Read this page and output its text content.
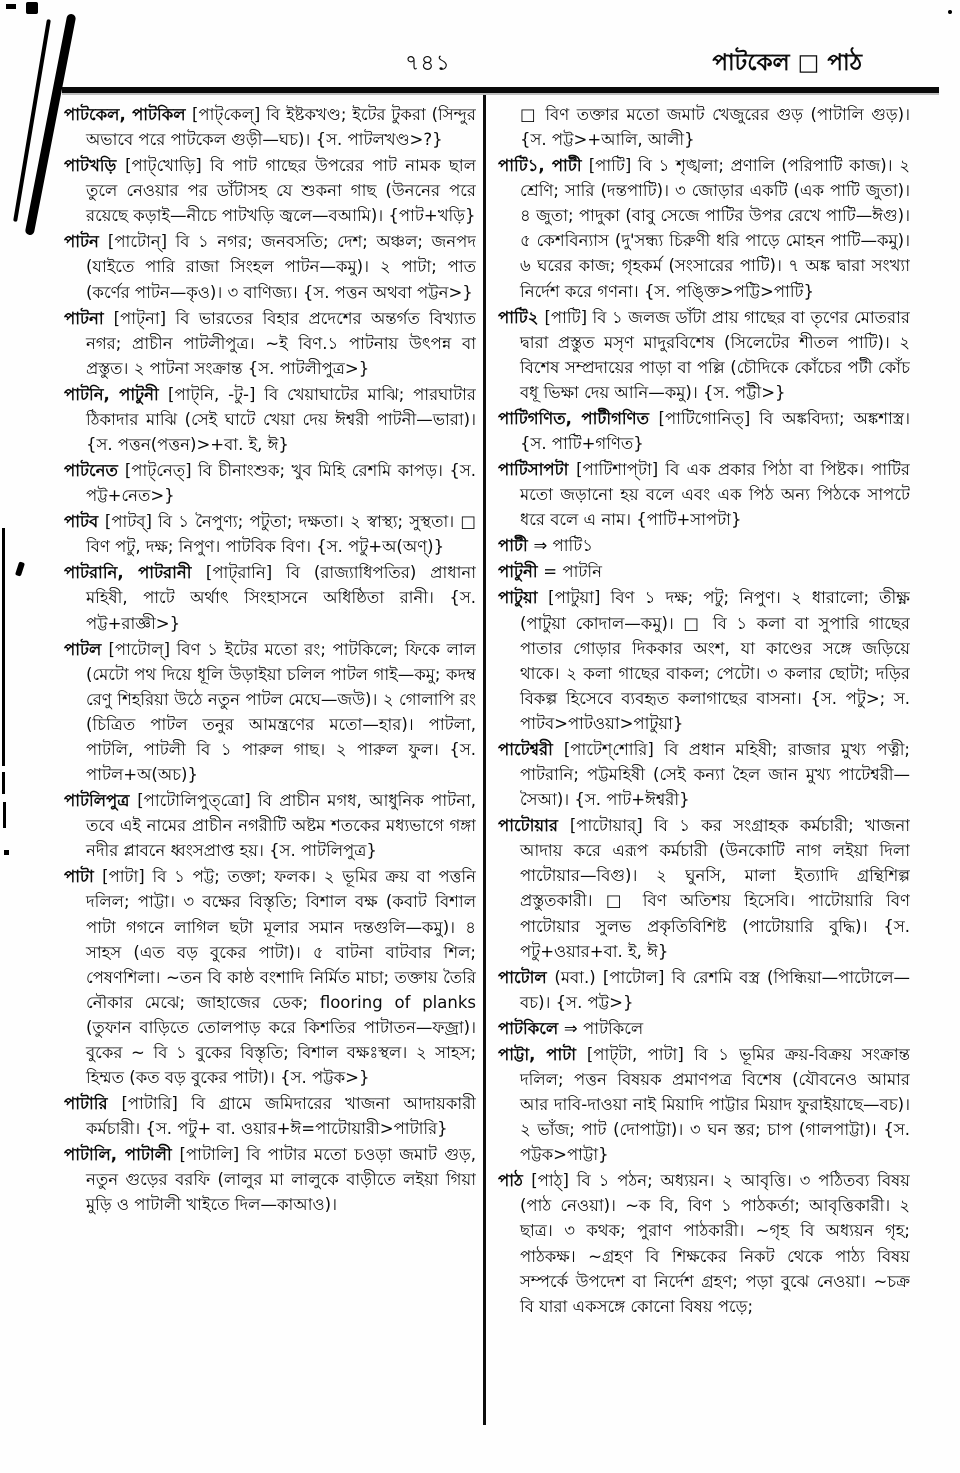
৭৪১	পাটকেল □ পাঠ

পাটকেল, পাটকিল [পাট্‌কেল্] বি ইষ্টকখণ্ড; ইটের টুকরা (সিন্দুর অভাবে পরে পাটকেল গুড়ী—ঘচ)। {স. পাটলখণ্ড>?}

পাটখড়ি [পাট্‌খোড়ি] বি পাট গাছের উপরের পাট নামক ছাল তুলে নেওয়ার পর ডাঁটাসহ যে শুকনা গাছ (উননের পরে রয়েছে কড়াই—নীচে পাটখড়ি জ্বলে—বআমি)। {পাট+খড়ি}

পাটন [পাটোন্] বি ১ নগর; জনবসতি; দেশ; অঞ্চল; জনপদ (যাইতে পারি রাজা সিংহল পাটন—কমু)। ২ পাটা; পাত (কর্ণের পাটন—কৃও)। ৩ বাণিজ্য। {স. পত্তন অথবা পট্টন>}

পাটনা [পাট্‌না] বি ভারতের বিহার প্রদেশের অন্তর্গত বিখ্যাত নগর; প্রাচীন পাটলীপুত্র। ~ই বিণ.১ পাটনায় উৎপন্ন বা প্রস্তুত। ২ পাটনা সংক্রান্ত {স. পাটলীপুত্র>}

পাটনি, পাটুনী [পাট্‌নি, -টু-] বি খেয়াঘাটের মাঝি; পারঘাটার ঠিকাদার মাঝি (সেই ঘাটে খেয়া দেয় ঈশ্বরী পাটনী—ভারা)। {স. পত্তন(পত্তন)>+বা. ই, ঈ}

পাটনেত [পাট্‌নেত্] বি চীনাংশুক; খুব মিহি রেশমি কাপড়। {স. পট্ট+নেত>}

পাটব [পাটব্] বি ১ নৈপুণ্য; পটুতা; দক্ষতা। ২ স্বাস্থ্য; সুস্থতা। □ বিণ পটু, দক্ষ; নিপুণ। পাটবিক বিণ। {স. পটু+অ(অণ্)}

পাটরানি, পাটরানী [পাট্‌রানি] বি (রাজ্যাধিপতির) প্রাধানা মহিষী, পাটে অর্থাৎ সিংহাসনে অধিষ্ঠিতা রানী। {স. পট্ট+রাজ্ঞী>}

পাটল [পাটোল্] বিণ ১ ইটের মতো রং; পাটকিলে; ফিকে লাল (মেটো পথ দিয়ে ধূলি উড়াইয়া চলিল পাটল গাই—কমু; কদম্ব রেণু শিহরিয়া উঠে নতুন পাটল মেঘে—জউ)। ২ গোলাপি রং (চিত্রিত পাটল তনুর আমন্ত্রণের মতো—হার)। পাটলা, পাটলি, পাটলী বি ১ পারুল গাছ। ২ পারুল ফুল। {স. পাটল+অ(অচ)}

পাটলিপুত্র [পাটোলিপুত্‌ত্রো] বি প্রাচীন মগধ, আধুনিক পাটনা, তবে এই নামের প্রাচীন নগরীটি অষ্টম শতকের মধ্যভাগে গঙ্গা নদীর প্লাবনে ধ্বংসপ্রাপ্ত হয়। {স. পাটলিপুত্র}

পাটা [পাটা] বি ১ পট্ট; তক্তা; ফলক। ২ ভূমির ক্রয় বা পত্তনি দলিল; পাট্টা। ৩ বক্ষের বিস্তৃতি; বিশাল বক্ষ (কবাট বিশাল পাটা গগনে লাগিল ছটা মূলার সমান দন্তগুলি—কমু)। ৪ সাহস (এত বড় বুকের পাটা)। ৫ বাটনা বাটবার শিল; পেষণশিলা। ~তন বি কাষ্ঠ বংশাদি নির্মিত মাচা; তক্তায় তৈরি নৌকার মেঝে; জাহাজের ডেক; flooring of planks (তুফান বাড়িতে তোলপাড় করে কিশতির পাটাতন—ফজ্রা)। বুকের ~ বি ১ বুকের বিস্তৃতি; বিশাল বক্ষঃস্থল। ২ সাহস; হিম্মত (কত বড় বুকের পাটা)। {স. পট্টক>}

পাটারি [পাটারি] বি গ্রামে জমিদারের খাজনা আদায়কারী কর্মচারী। {স. পটু+ বা. ওয়ার+ঈ=পাটোয়ারী>পাটারি}

পাটালি, পাটালী [পাটালি] বি পাটার মতো চওড়া জমাট গুড়, নতুন গুড়ের বরফি (লালুর মা লালুকে বাড়ীতে লইয়া গিয়া মুড়ি ও পাটালী খাইতে দিল—কাআও)।

□ বিণ তক্তার মতো জমাট খেজুরের গুড় (পাটালি গুড়)। {স. পট্ট>+আলি, আলী}

পাটি১, পাটী [পাটি] বি ১ শৃঙ্খলা; প্রণালি (পরিপাটি কাজ)। ২ শ্রেণি; সারি (দন্তপাটি)। ৩ জোড়ার একটি (এক পাটি জুতা)। ৪ জুতা; পাদুকা (বাবু সেজে পাটির উপর রেখে পাটি—ঈগু)। ৫ কেশবিন্যাস (দু'সন্ধ্য চিরুণী ধরি পাড়ে মোহন পাটি—কমু)। ৬ ঘরের কাজ; গৃহকর্ম (সংসারের পাটি)। ৭ অঙ্ক দ্বারা সংখ্যা নির্দেশ করে গণনা। {স. পঙ্ক্তি>পট্টি>পাটি}

পাটি২ [পাটি] বি ১ জলজ ডাঁটা প্রায় গাছের বা তৃণের মোতরার দ্বারা প্রস্তুত মসৃণ মাদুরবিশেষ (সিলেটের শীতল পাটি)। ২ বিশেষ সম্প্রদায়ের পাড়া বা পল্লি (চৌদিকে কোঁচের পটী কোঁচ বধূ ভিক্ষা দেয় আনি—কমু)। {স. পট্টী>}

পাটিগণিত, পাটীগণিত [পাটিগোনিত্] বি অঙ্কবিদ্যা; অঙ্কশাস্ত্র। {স. পাটি+গণিত}

পাটিসাপটা [পাটিশাপ্‌টা] বি এক প্রকার পিঠা বা পিষ্টক। পাটির মতো জড়ানো হয় বলে এবং এক পিঠ অন্য পিঠকে সাপটে ধরে বলে এ নাম। {পাটি+সাপটা}

পাটী ⇒ পাটি১

পাটুনী = পাটনি

পাটুয়া [পাটুয়া] বিণ ১ দক্ষ; পটু; নিপুণ। ২ ধারালো; তীক্ষ্ণ (পাটুয়া কোদাল—কমু)। □ বি ১ কলা বা সুপারি গাছের পাতার গোড়ার দিককার অংশ, যা কাণ্ডের সঙ্গে জড়িয়ে থাকে। ২ কলা গাছের বাকল; পেটো। ৩ কলার ছোটা; দড়ির বিকল্প হিসেবে ব্যবহৃত কলাগাছের বাসনা। {স. পটু>; স. পাটব>পাটওয়া>পাটুয়া}

পাটেশ্বরী [পাটেশ্‌শোরি] বি প্রধান মহিষী; রাজার মুখ্য পত্নী; পাটরানি; পট্টমহিষী (সেই কন্যা হৈল জান মুখ্য পাটেশ্বরী—সৈআ)। {স. পাট+ঈশ্বরী}

পাটোয়ার [পাটোয়ার্] বি ১ কর সংগ্রাহক কর্মচারী; খাজনা আদায় করে এরূপ কর্মচারী (উনকোটি নাগ লইয়া দিলা পাটোয়ার—বিগু)। ২ ঘুনসি, মালা ইত্যাদি গ্রন্থিশিল্প প্রস্তুতকারী। □ বিণ অতিশয় হিসেবি। পাটোয়ারি বিণ পাটোয়ার সুলভ প্রকৃতিবিশিষ্ট (পাটোয়ারি বুদ্ধি)। {স. পটু+ওয়ার+বা. ই, ঈ}

পাটোল (মবা.) [পাটোল] বি রেশমি বস্ত্র (পিন্ধিয়া—পাটোলে—বচ)। {স. পট্ট>}

পাটকিলে ⇒ পাটকিলে

পাট্টা, পাটা [পাট্‌টা, পাটা] বি ১ ভূমির ক্রয়-বিক্রয় সংক্রান্ত দলিল; পত্তন বিষয়ক প্রমাণপত্র বিশেষ (যৌবনেও আমার আর দাবি-দাওয়া নাই মিয়াদি পাট্টার মিয়াদ ফুরাইয়াছে—বচ)। ২ ভাঁজ; পাট (দোপাট্টা)। ৩ ঘন স্তর; চাপ (গালপাট্টা)। {স. পট্টক>পাট্টা}

পাঠ [পাঠ্] বি ১ পঠন; অধ্যয়ন। ২ আবৃত্তি। ৩ পঠিতব্য বিষয় (পাঠ নেওয়া)। ~ক বি, বিণ ১ পাঠকর্তা; আবৃত্তিকারী। ২ ছাত্র। ৩ কথক; পুরাণ পাঠকারী। ~গৃহ বি অধ্যয়ন গৃহ; পাঠকক্ষ। ~গ্রহণ বি শিক্ষকের নিকট থেকে পাঠ্য বিষয় সম্পর্কে উপদেশ বা নির্দেশ গ্রহণ; পড়া বুঝে নেওয়া। ~চক্র বি যারা একসঙ্গে কোনো বিষয় পড়ে;
